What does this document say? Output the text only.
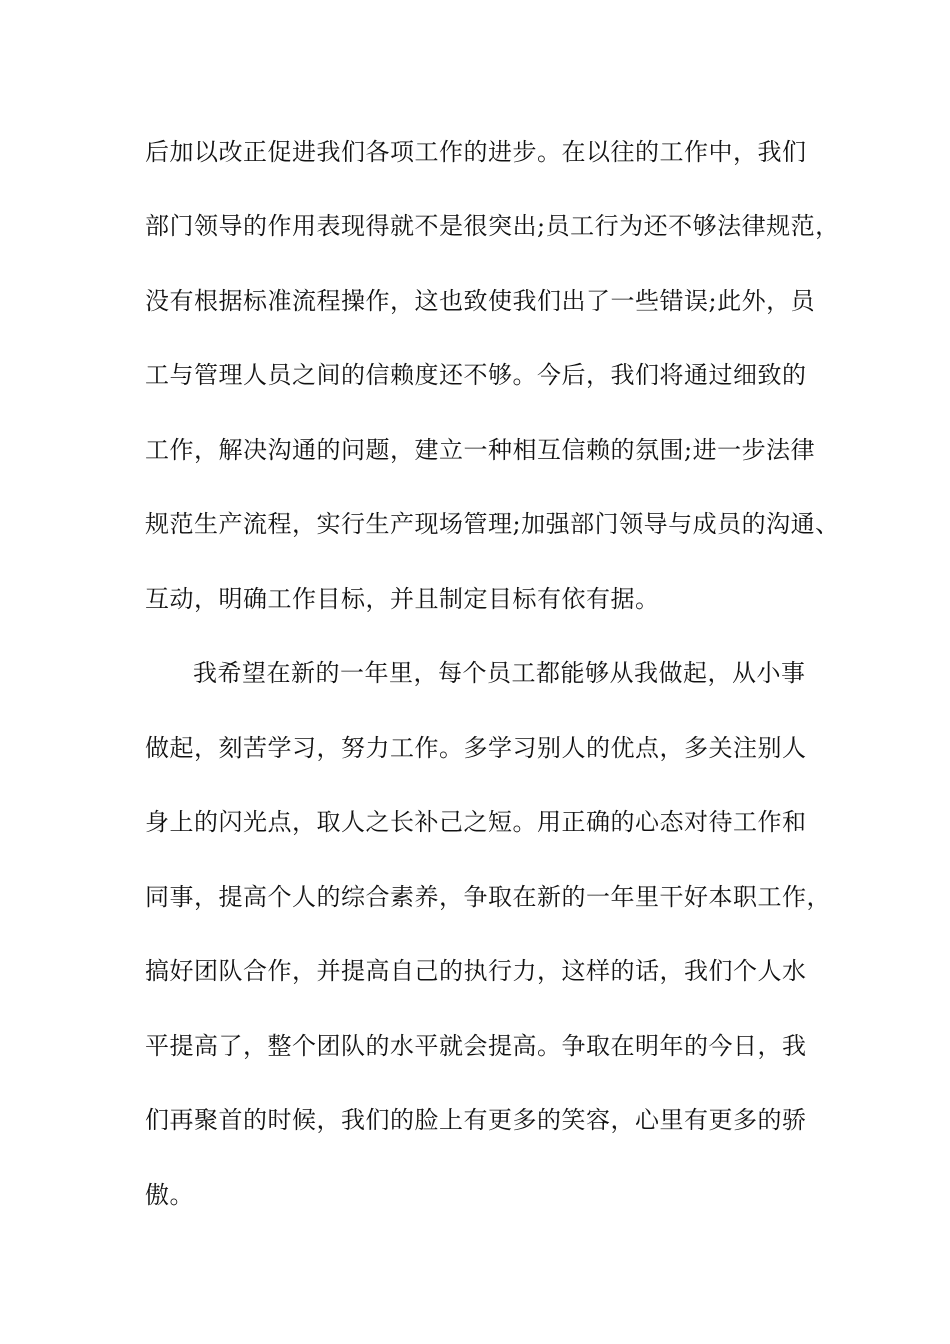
后加以改正促进我们各项工作的进步。在以往的工作中，我们
部门领导的作用表现得就不是很突出;员工行为还不够法律规范，
没有根据标准流程操作，这也致使我们出了一些错误;此外，员
工与管理人员之间的信赖度还不够。今后，我们将通过细致的
工作，解决沟通的问题，建立一种相互信赖的氛围;进一步法律
规范生产流程，实行生产现场管理;加强部门领导与成员的沟通、
互动，明确工作目标，并且制定目标有依有据。
我希望在新的一年里，每个员工都能够从我做起，从小事
做起，刻苦学习，努力工作。多学习别人的优点，多关注别人
身上的闪光点，取人之长补己之短。用正确的心态对待工作和
同事，提高个人的综合素养，争取在新的一年里干好本职工作，
搞好团队合作，并提高自己的执行力，这样的话，我们个人水
平提高了，整个团队的水平就会提高。争取在明年的今日，我
们再聚首的时候，我们的脸上有更多的笑容，心里有更多的骄
傲。
